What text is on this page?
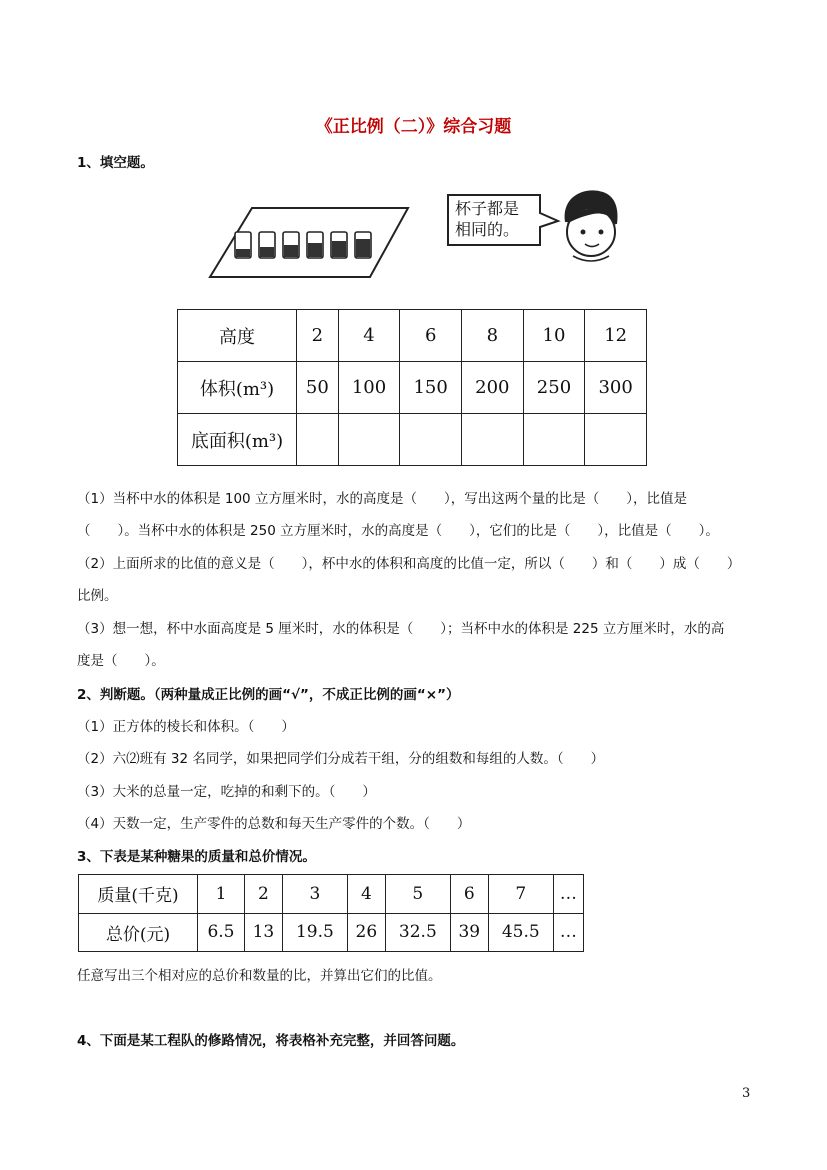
《正比例（二）》综合习题
1、填空题。
杯子都是
相同的。
高度	2	4	6	8	10	12
体积(m³)	50	100	150	200	250	300
底面积(m³)						
（1）当杯中水的体积是 100 立方厘米时，水的高度是（　　），写出这两个量的比是（　　），比值是
（　　）。当杯中水的体积是 250 立方厘米时，水的高度是（　　），它们的比是（　　），比值是（　　）。
（2）上面所求的比值的意义是（　　），杯中水的体积和高度的比值一定，所以（　　）和（　　）成（　　）
比例。
（3）想一想，杯中水面高度是 5 厘米时，水的体积是（　　）；当杯中水的体积是 225 立方厘米时，水的高
度是（　　）。
2、判断题。（两种量成正比例的画“√”，不成正比例的画“×”）
（1）正方体的棱长和体积。（　　）
（2）六⑵班有 32 名同学，如果把同学们分成若干组，分的组数和每组的人数。（　　）
（3）大米的总量一定，吃掉的和剩下的。（　　）
（4）天数一定，生产零件的总数和每天生产零件的个数。（　　）
3、下表是某种糖果的质量和总价情况。
质量(千克)	1	2	3	4	5	6	7	…
总价(元)	6.5	13	19.5	26	32.5	39	45.5	…
任意写出三个相对应的总价和数量的比，并算出它们的比值。
4、下面是某工程队的修路情况，将表格补充完整，并回答问题。
3
